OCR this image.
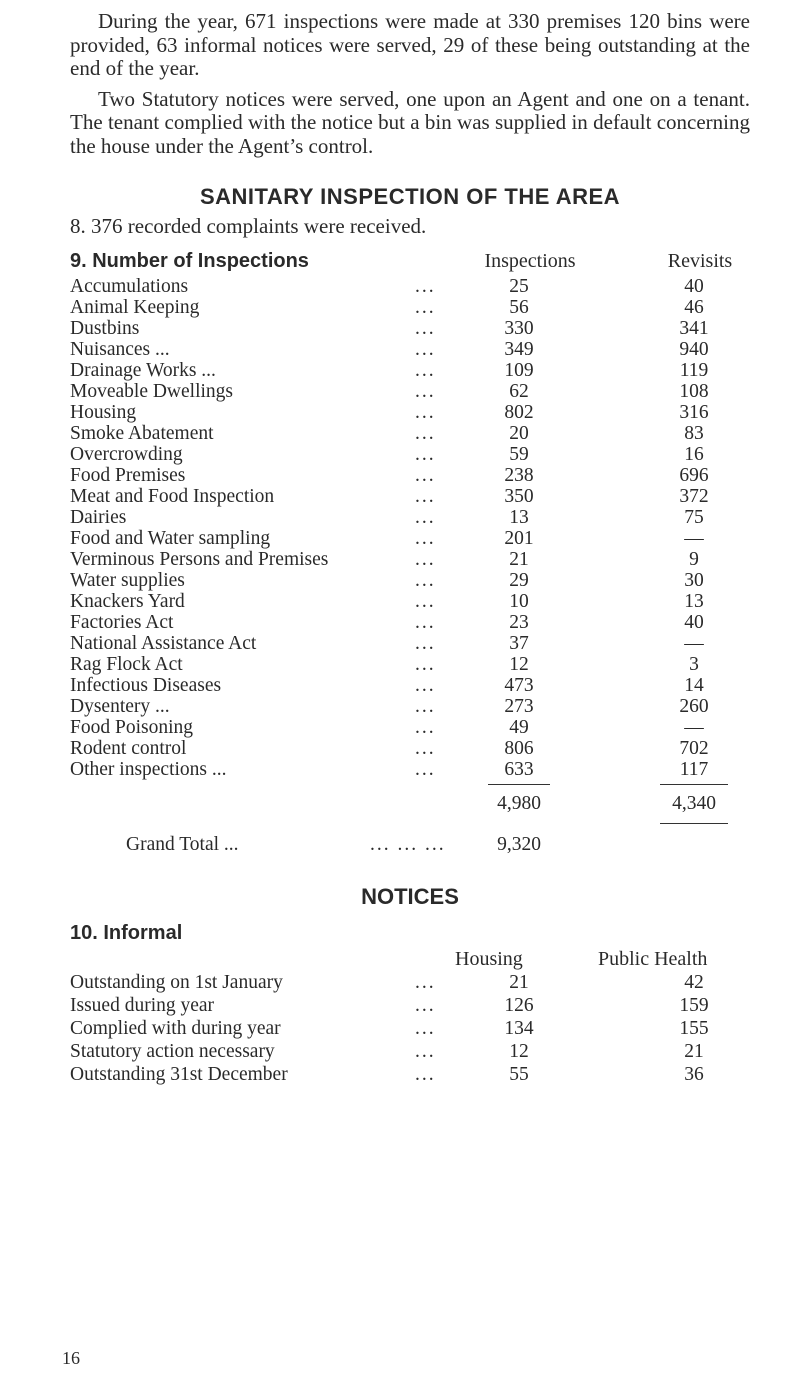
During the year, 671 inspections were made at 330 premises 120 bins were provided, 63 informal notices were served, 29 of these being outstanding at the end of the year.

Two Statutory notices were served, one upon an Agent and one on a tenant. The tenant complied with the notice but a bin was supplied in default concerning the house under the Agent’s control.

SANITARY INSPECTION OF THE AREA
8. 376 recorded complaints were received.
9. Number of Inspections	Inspections	Revisits
Accumulations	...	25	40
Animal Keeping	...	56	46
Dustbins	...	330	341
Nuisances ...	...	349	940
Drainage Works ...	...	109	119
Moveable Dwellings	...	62	108
Housing	...	802	316
Smoke Abatement	...	20	83
Overcrowding	...	59	16
Food Premises	...	238	696
Meat and Food Inspection	...	350	372
Dairies	...	13	75
Food and Water sampling	...	201	—
Verminous Persons and Premises	...	21	9
Water supplies	...	29	30
Knackers Yard	...	10	13
Factories Act	...	23	40
National Assistance Act	...	37	—
Rag Flock Act	...	12	3
Infectious Diseases	...	473	14
Dysentery ...	...	273	260
Food Poisoning	...	49	—
Rodent control	...	806	702
Other inspections ...	...	633	117
4,980	4,340
Grand Total ...	... ... ...	9,320
NOTICES
10. Informal
Housing	Public Health
Outstanding on 1st January	...	21	42
Issued during year	...	126	159
Complied with during year	...	134	155
Statutory action necessary	...	12	21
Outstanding 31st December	...	55	36
16
